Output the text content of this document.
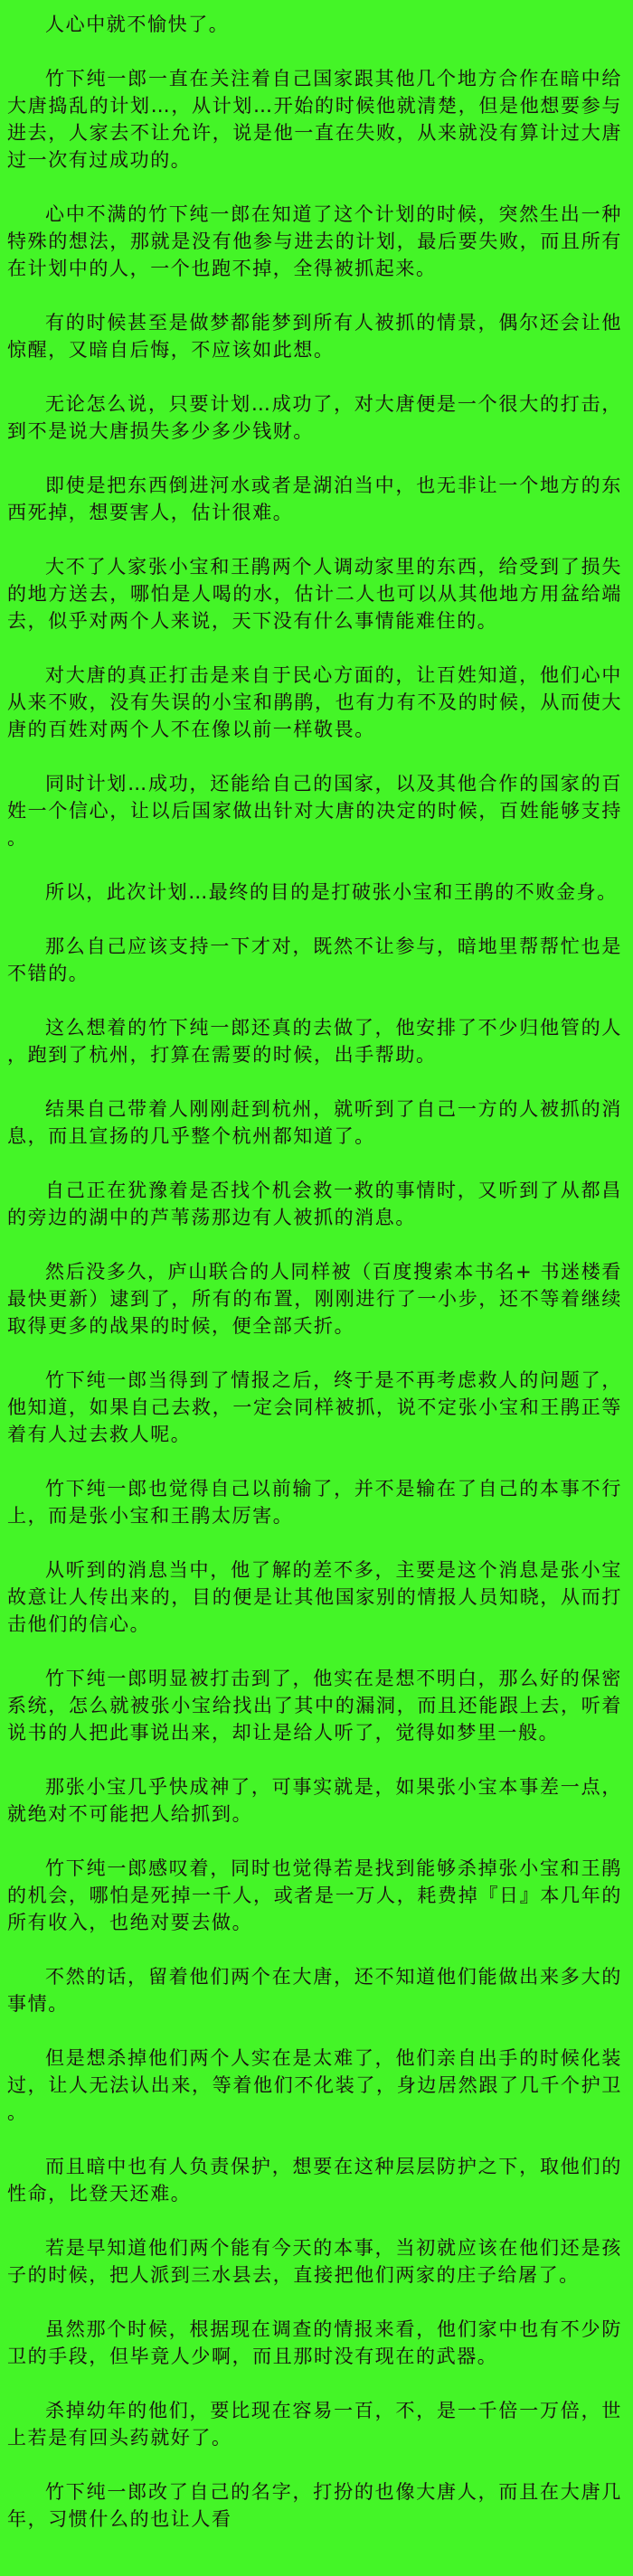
人心中就不愉快了。

竹下纯一郎一直在关注着自己国家跟其他几个地方合作在暗中给大唐捣乱的计划…，从计划…开始的时候他就清楚，但是他想要参与进去，人家去不让允许，说是他一直在失败，从来就没有算计过大唐过一次有过成功的。

心中不满的竹下纯一郎在知道了这个计划的时候，突然生出一种特殊的想法，那就是没有他参与进去的计划，最后要失败，而且所有在计划中的人，一个也跑不掉，全得被抓起来。

有的时候甚至是做梦都能梦到所有人被抓的情景，偶尔还会让他惊醒，又暗自后悔，不应该如此想。

无论怎么说，只要计划…成功了，对大唐便是一个很大的打击，到不是说大唐损失多少多少钱财。

即使是把东西倒进河水或者是湖泊当中，也无非让一个地方的东西死掉，想要害人，估计很难。

大不了人家张小宝和王鹃两个人调动家里的东西，给受到了损失的地方送去，哪怕是人喝的水，估计二人也可以从其他地方用盆给端去，似乎对两个人来说，天下没有什么事情能难住的。

对大唐的真正打击是来自于民心方面的，让百姓知道，他们心中从来不败，没有失误的小宝和鹃鹃，也有力有不及的时候，从而使大唐的百姓对两个人不在像以前一样敬畏。

同时计划…成功，还能给自己的国家，以及其他合作的国家的百姓一个信心，让以后国家做出针对大唐的决定的时候，百姓能够支持。

所以，此次计划…最终的目的是打破张小宝和王鹃的不败金身。

那么自己应该支持一下才对，既然不让参与，暗地里帮帮忙也是不错的。

这么想着的竹下纯一郎还真的去做了，他安排了不少归他管的人，跑到了杭州，打算在需要的时候，出手帮助。

结果自己带着人刚刚赶到杭州，就听到了自己一方的人被抓的消息，而且宣扬的几乎整个杭州都知道了。

自己正在犹豫着是否找个机会救一救的事情时，又听到了从都昌的旁边的湖中的芦苇荡那边有人被抓的消息。

然后没多久，庐山联合的人同样被（百度搜索本书名+ 书迷楼看最快更新）逮到了，所有的布置，刚刚进行了一小步，还不等着继续取得更多的战果的时候，便全部夭折。

竹下纯一郎当得到了情报之后，终于是不再考虑救人的问题了，他知道，如果自己去救，一定会同样被抓，说不定张小宝和王鹃正等着有人过去救人呢。

竹下纯一郎也觉得自己以前输了，并不是输在了自己的本事不行上，而是张小宝和王鹃太厉害。

从听到的消息当中，他了解的差不多，主要是这个消息是张小宝故意让人传出来的，目的便是让其他国家别的情报人员知晓，从而打击他们的信心。

竹下纯一郎明显被打击到了，他实在是想不明白，那么好的保密系统，怎么就被张小宝给找出了其中的漏洞，而且还能跟上去，听着说书的人把此事说出来，却让是给人听了，觉得如梦里一般。

那张小宝几乎快成神了，可事实就是，如果张小宝本事差一点，就绝对不可能把人给抓到。

竹下纯一郎感叹着，同时也觉得若是找到能够杀掉张小宝和王鹃的机会，哪怕是死掉一千人，或者是一万人，耗费掉『日』本几年的所有收入，也绝对要去做。

不然的话，留着他们两个在大唐，还不知道他们能做出来多大的事情。

但是想杀掉他们两个人实在是太难了，他们亲自出手的时候化装过，让人无法认出来，等着他们不化装了，身边居然跟了几千个护卫。

而且暗中也有人负责保护，想要在这种层层防护之下，取他们的性命，比登天还难。

若是早知道他们两个能有今天的本事，当初就应该在他们还是孩子的时候，把人派到三水县去，直接把他们两家的庄子给屠了。

虽然那个时候，根据现在调查的情报来看，他们家中也有不少防卫的手段，但毕竟人少啊，而且那时没有现在的武器。

杀掉幼年的他们，要比现在容易一百，不，是一千倍一万倍，世上若是有回头药就好了。

竹下纯一郎改了自己的名字，打扮的也像大唐人，而且在大唐几年，习惯什么的也让人看
